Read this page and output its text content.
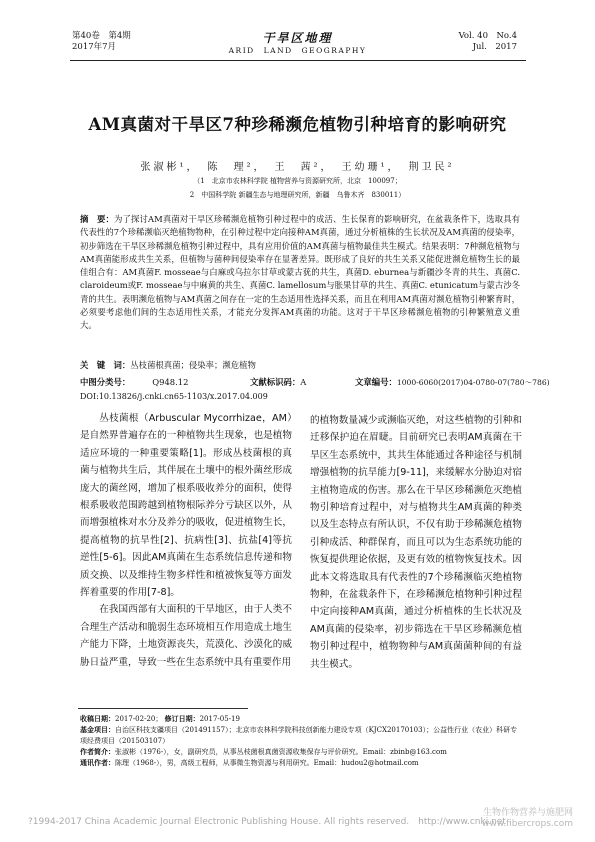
第40卷　第4期
2017年7月
干旱区地理
ARID　LAND　GEOGRAPHY
Vol. 40　No.4
Jul.　2017
AM真菌对干旱区7种珍稀濒危植物引种培育的影响研究
张淑彬¹，　陈　理²，　王　茜²，　王幼珊¹，　荆卫民²
（1　北京市农林科学院 植物营养与资源研究所，北京　100097；
2　中国科学院 新疆生态与地理研究所，新疆　乌鲁木齐　830011）
摘　要：为了探讨AM真菌对干旱区珍稀濒危植物引种过程中的成活、生长保育的影响研究，在盆栽条件下，选取具有代表性的7个珍稀濒临灭绝植物物种，在引种过程中定向接种AM真菌，通过分析植株的生长状况及AM真菌的侵染率，初步筛选在干旱区珍稀濒危植物引种过程中，具有应用价值的AM真菌与植物最佳共生模式。结果表明：7种濒危植物与AM真菌能形成共生关系，但植物与菌种间侵染率存在显著差异。既形成了良好的共生关系又能促进濒危植物生长的最佳组合有：AM真菌F. mosseae与白麻或乌拉尔甘草或蒙古莸的共生，真菌D. eburnea与新疆沙冬青的共生、真菌C. claroideum或F. mosseae与中麻黄的共生、真菌C. lamellosum与胀果甘草的共生、真菌C. etunicatum与蒙古沙冬青的共生。表明濒危植物与AM真菌之间存在一定的生态适用性选择关系，而且在利用AM真菌对濒危植物引种繁育时，必须要考虑他们间的生态适用性关系，才能充分发挥AM真菌的功能。这对于干旱区珍稀濒危植物的引种繁殖意义重大。
关　键　词：丛枝菌根真菌；侵染率；濒危植物
中图分类号：	Q948.12	文献标识码：A	文章编号：1000-6060(2017)04-0780-07(780～786)
DOI:10.13826/j.cnki.cn65-1103/x.2017.04.009

丛枝菌根（Arbuscular Mycorrhizae，AM）是自然界普遍存在的一种植物共生现象，也是植物适应环境的一种重要策略[1]。形成丛枝菌根的真菌与植物共生后，其伴展在土壤中的根外菌丝形成庞大的菌丝网，增加了根系吸收养分的面积，使得根系吸收范围跨越到植物根际养分亏缺区以外，从而增强植株对水分及养分的吸收，促进植物生长，提高植物的抗旱性[2]、抗病性[3]、抗盐[4]等抗逆性[5-6]。因此AM真菌在生态系统信息传递和物质交换、以及维持生物多样性和植被恢复等方面发挥着重要的作用[7-8]。

在我国西部有大面积的干旱地区，由于人类不合理生产活动和脆弱生态环境相互作用造成土地生产能力下降，土地资源丧失，荒漠化、沙漠化的威胁日益严重，导致一些在生态系统中具有重要作用

的植物数量减少或濒临灭绝，对这些植物的引种和迁移保护迫在眉睫。目前研究已表明AM真菌在干旱区生态系统中，其共生体能通过各种途径与机制增强植物的抗旱能力[9-11]，来缓解水分胁迫对宿主植物造成的伤害。那么在干旱区珍稀濒危灭绝植物引种培育过程中，对与植物共生AM真菌的种类以及生态特点有所认识，不仅有助于珍稀濒危植物引种成活、种群保育，而且可以为生态系统功能的恢复提供理论依据，及更有效的植物恢复技术。因此本文将选取具有代表性的7个珍稀濒临灭绝植物物种，在盆栽条件下，在珍稀濒危植物种引种过程中定向接种AM真菌，通过分析植株的生长状况及AM真菌的侵染率，初步筛选在干旱区珍稀濒危植物引种过程中，植物物种与AM真菌菌种间的有益共生模式。

收稿日期：2017-02-20； 修订日期：2017-05-19
基金项目：自治区科技支疆项目（201491157）；北京市农林科学院科技创新能力建设专项（KJCX20170103）；公益性行业（农业）科研专项经费项目（201503107）
作者简介：张淑彬（1976-），女，副研究员，从事丛枝菌根真菌资源收集保存与评价研究。Email：zbinb@163.com
通讯作者：陈理（1968-），男，高级工程师，从事微生物资源与利用研究。Email：hudou2@hotmail.com
?1994-2017 China Academic Journal Electronic Publishing House. All rights reserved.　http://www.cnki.net
生物作物营养与施肥网
www.fibercrops.com
